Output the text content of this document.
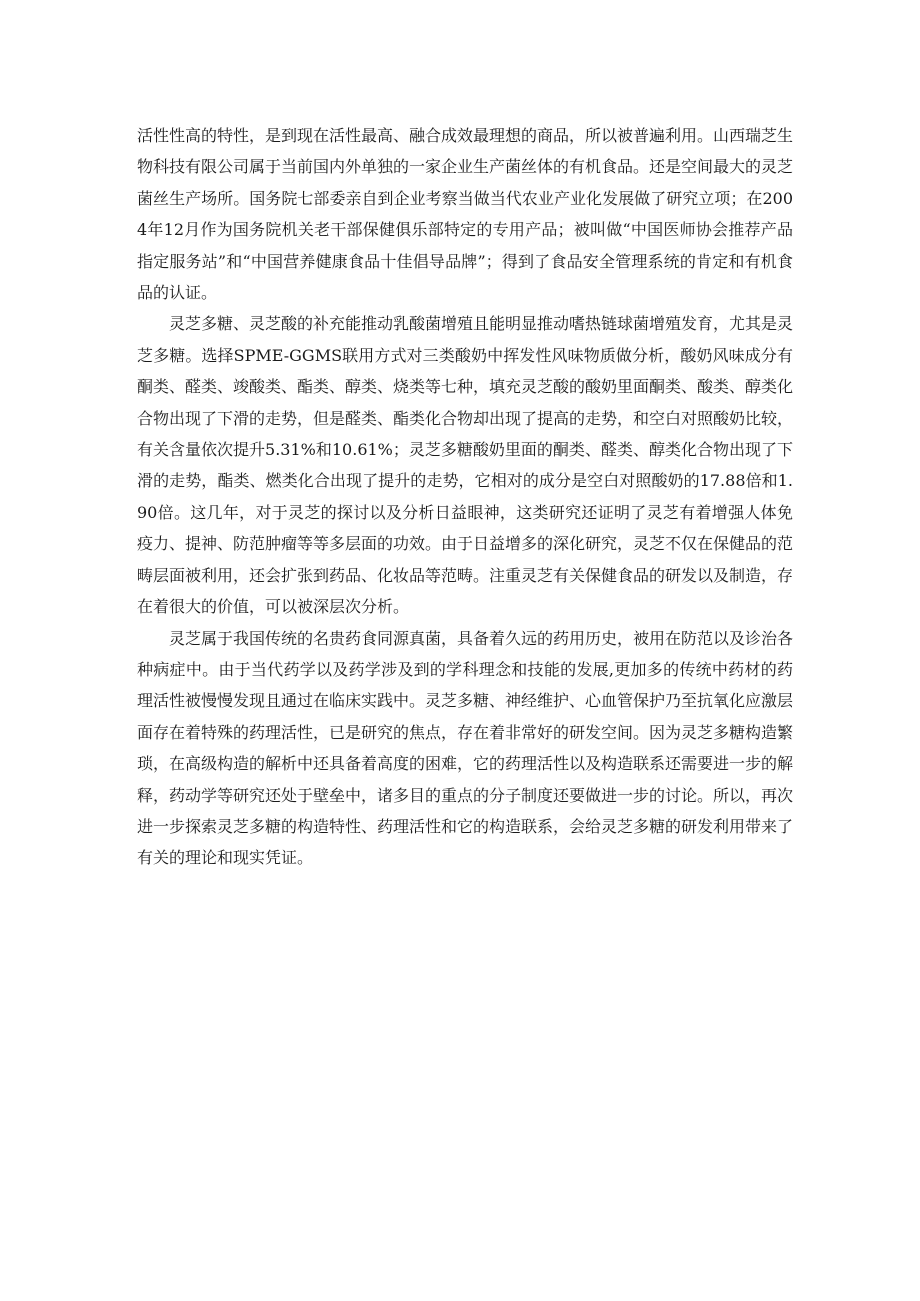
活性性高的特性，是到现在活性最高、融合成效最理想的商品，所以被普遍利用。山西瑞芝生物科技有限公司属于当前国内外单独的一家企业生产菌丝体的有机食品。还是空间最大的灵芝菌丝生产场所。国务院七部委亲自到企业考察当做当代农业产业化发展做了研究立项；在2004年12月作为国务院机关老干部保健俱乐部特定的专用产品；被叫做“中国医师协会推荐产品指定服务站”和“中国营养健康食品十佳倡导品牌”；得到了食品安全管理系统的肯定和有机食品的认证。

灵芝多糖、灵芝酸的补充能推动乳酸菌增殖且能明显推动嗜热链球菌增殖发育，尤其是灵芝多糖。选择SPME-GGMS联用方式对三类酸奶中挥发性风味物质做分析，酸奶风味成分有酮类、醛类、竣酸类、酯类、醇类、烧类等七种，填充灵芝酸的酸奶里面酮类、酸类、醇类化合物出现了下滑的走势，但是醛类、酯类化合物却出现了提高的走势，和空白对照酸奶比较，有关含量依次提升5.31%和10.61%；灵芝多糖酸奶里面的酮类、醛类、醇类化合物出现了下滑的走势，酯类、燃类化合出现了提升的走势，它相对的成分是空白对照酸奶的17.88倍和1.90倍。这几年，对于灵芝的探讨以及分析日益眼神，这类研究还证明了灵芝有着增强人体免疫力、提神、防范肿瘤等等多层面的功效。由于日益增多的深化研究，灵芝不仅在保健品的范畴层面被利用，还会扩张到药品、化妆品等范畴。注重灵芝有关保健食品的研发以及制造，存在着很大的价值，可以被深层次分析。

灵芝属于我国传统的名贵药食同源真菌，具备着久远的药用历史，被用在防范以及诊治各种病症中。由于当代药学以及药学涉及到的学科理念和技能的发展,更加多的传统中药材的药理活性被慢慢发现且通过在临床实践中。灵芝多糖、神经维护、心血管保护乃至抗氧化应激层面存在着特殊的药理活性，已是研究的焦点，存在着非常好的研发空间。因为灵芝多糖构造繁琐，在高级构造的解析中还具备着高度的困难，它的药理活性以及构造联系还需要进一步的解释，药动学等研究还处于壁垒中，诸多目的重点的分子制度还要做进一步的讨论。所以，再次进一步探索灵芝多糖的构造特性、药理活性和它的构造联系，会给灵芝多糖的研发利用带来了有关的理论和现实凭证。
